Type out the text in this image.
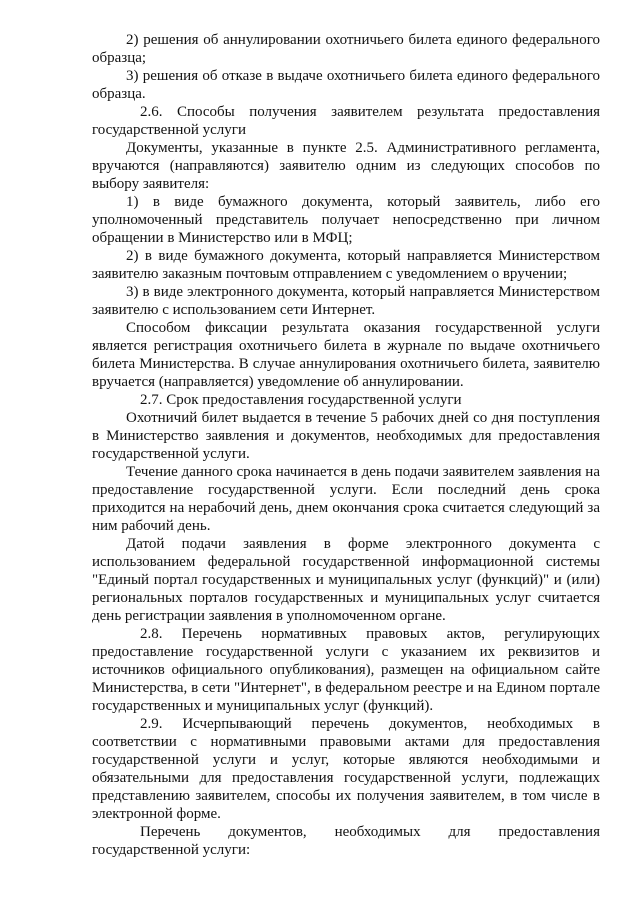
2) решения об аннулировании охотничьего билета единого федерального образца;

3) решения об отказе в выдаче охотничьего билета единого федерального образца.

2.6. Способы получения заявителем результата предоставления государственной услуги

Документы, указанные в пункте 2.5. Административного регламента, вручаются (направляются) заявителю одним из следующих способов по выбору заявителя:

1) в виде бумажного документа, который заявитель, либо его уполномоченный представитель получает непосредственно при личном обращении в Министерство или в МФЦ;

2) в виде бумажного документа, который направляется Министерством заявителю заказным почтовым отправлением с уведомлением о вручении;

3) в виде электронного документа, который направляется Министерством заявителю с использованием сети Интернет.

Способом фиксации результата оказания государственной услуги является регистрация охотничьего билета в журнале по выдаче охотничьего билета Министерства. В случае аннулирования охотничьего билета, заявителю вручается (направляется) уведомление об аннулировании.

2.7. Срок предоставления государственной услуги

Охотничий билет выдается в течение 5 рабочих дней со дня поступления в Министерство заявления и документов, необходимых для предоставления государственной услуги.

Течение данного срока начинается в день подачи заявителем заявления на предоставление государственной услуги. Если последний день срока приходится на нерабочий день, днем окончания срока считается следующий за ним рабочий день.

Датой подачи заявления в форме электронного документа с использованием федеральной государственной информационной системы "Единый портал государственных и муниципальных услуг (функций)" и (или) региональных порталов государственных и муниципальных услуг считается день регистрации заявления в уполномоченном органе.

2.8. Перечень нормативных правовых актов, регулирующих предоставление государственной услуги с указанием их реквизитов и источников официального опубликования), размещен на официальном сайте Министерства, в сети "Интернет", в федеральном реестре и на Едином портале государственных и муниципальных услуг (функций).

2.9. Исчерпывающий перечень документов, необходимых в соответствии с нормативными правовыми актами для предоставления государственной услуги и услуг, которые являются необходимыми и обязательными для предоставления государственной услуги, подлежащих представлению заявителем, способы их получения заявителем, в том числе в электронной форме.

Перечень документов, необходимых для предоставления государственной услуги:
